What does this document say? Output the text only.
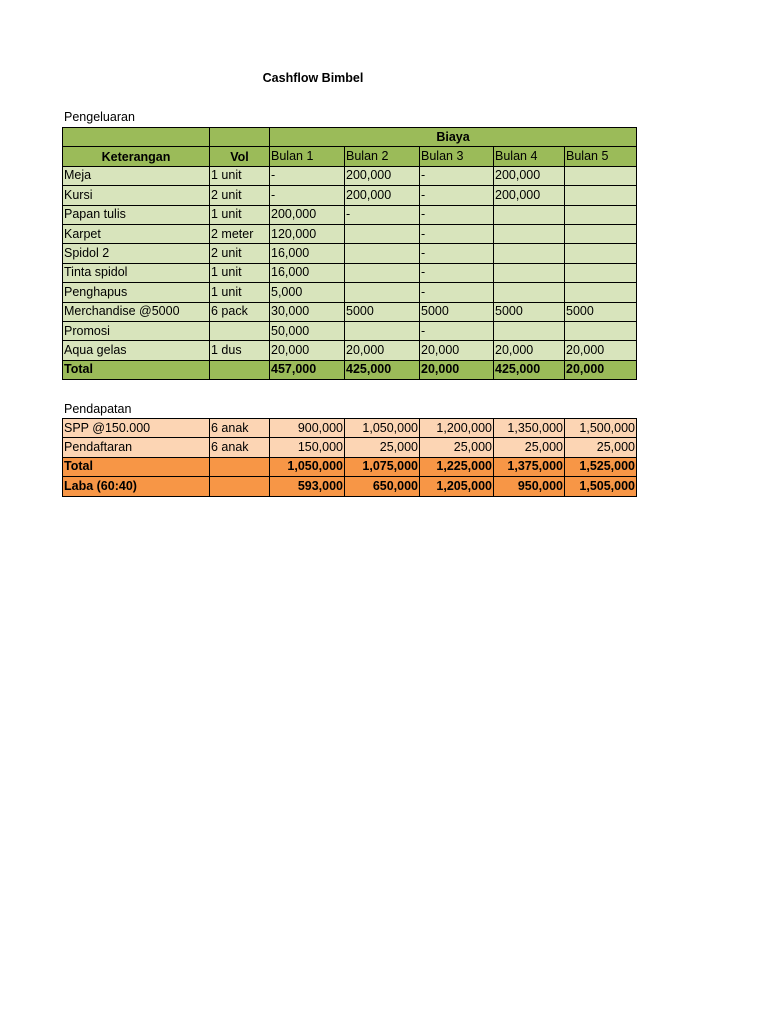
Cashflow Bimbel
Pengeluaran
		Biaya				
Keterangan	Vol	Bulan 1	Bulan 2	Bulan 3	Bulan 4	Bulan 5
Meja	1 unit	-	200,000	-	200,000	
Kursi	2 unit	-	200,000	-	200,000	
Papan tulis	1 unit	200,000	-	-		
Karpet	2 meter	120,000		-		
Spidol 2	2 unit	16,000		-		
Tinta spidol	1 unit	16,000		-		
Penghapus	1 unit	5,000		-		
Merchandise @5000	6 pack	30,000	5000	5000	5000	5000
Promosi		50,000		-		
Aqua gelas	1 dus	20,000	20,000	20,000	20,000	20,000
Total		457,000	425,000	20,000	425,000	20,000
Pendapatan
SPP @150.000	6 anak	900,000	1,050,000	1,200,000	1,350,000	1,500,000
Pendaftaran	6 anak	150,000	25,000	25,000	25,000	25,000
Total		1,050,000	1,075,000	1,225,000	1,375,000	1,525,000
Laba (60:40)		593,000	650,000	1,205,000	950,000	1,505,000
